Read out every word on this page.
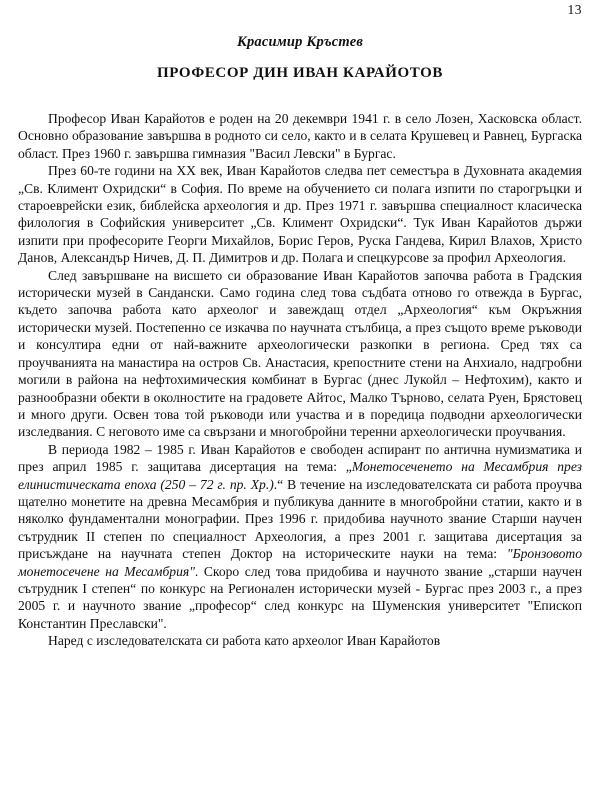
13
Красимир Кръстев
ПРОФЕСОР ДИН ИВАН КАРАЙОТОВ

Професор Иван Карайотов е роден на 20 декември 1941 г. в село Лозен, Хасковска област. Основно образование завършва в родното си село, както и в селата Крушевец и Равнец, Бургаска област. През 1960 г. завършва гимназия "Васил Левски" в Бургас.

През 60-те години на ХХ век, Иван Карайотов следва пет семестъра в Духовната академия „Св. Климент Охридски“ в София. По време на обучението си полага изпити по старогръцки и староеврейски език, библейска археология и др. През 1971 г. завършва специалност класическа филология в Софийския университет „Св. Климент Охридски“. Тук Иван Карайотов държи изпити при професорите Георги Михайлов, Борис Геров, Руска Гандева, Кирил Влахов, Христо Данов, Александър Ничев, Д. П. Димитров и др. Полага и спецкурсове за профил Археология.

След завършване на висшето си образование Иван Карайотов започва работа в Градския исторически музей в Сандански. Само година след това съдбата отново го отвежда в Бургас, където започва работа като археолог и завеждащ отдел „Археология“ към Окръжния исторически музей. Постепенно се изкачва по научната стълбица, а през същото време ръководи и консултира едни от най-важните археологически разкопки в региона. Сред тях са проучванията на манастира на остров Св. Анастасия, крепостните стени на Анхиало, надгробни могили в района на нефтохимическия комбинат в Бургас (днес Лукойл – Нефтохим), както и разнообразни обекти в околностите на градовете Айтос, Малко Търново, селата Руен, Брястовец и много други. Освен това той ръководи или участва и в поредица подводни археологически изследвания. С неговото име са свързани и многобройни теренни археологически проучвания.

В периода 1982 – 1985 г. Иван Карайотов е свободен аспирант по антична нумизматика и през април 1985 г. защитава дисертация на тема: „Монетосеченето на Месамбрия през елинистическата епоха (250 – 72 г. пр. Хр.).“ В течение на изследователската си работа проучва щателно монетите на древна Месамбрия и публикува данните в многобройни статии, както и в няколко фундаментални монографии. През 1996 г. придобива научното звание Старши научен сътрудник II степен по специалност Археология, а през 2001 г. защитава дисертация за присъждане на научната степен Доктор на историческите науки на тема: "Бронзовото монетосечене на Месамбрия". Скоро след това придобива и научното звание „старши научен сътрудник I степен“ по конкурс на Регионален исторически музей - Бургас през 2003 г., а през 2005 г. и научното звание „професор“ след конкурс на Шуменския университет "Епископ Константин Преславски".

Наред с изследователската си работа като археолог Иван Карайотов
